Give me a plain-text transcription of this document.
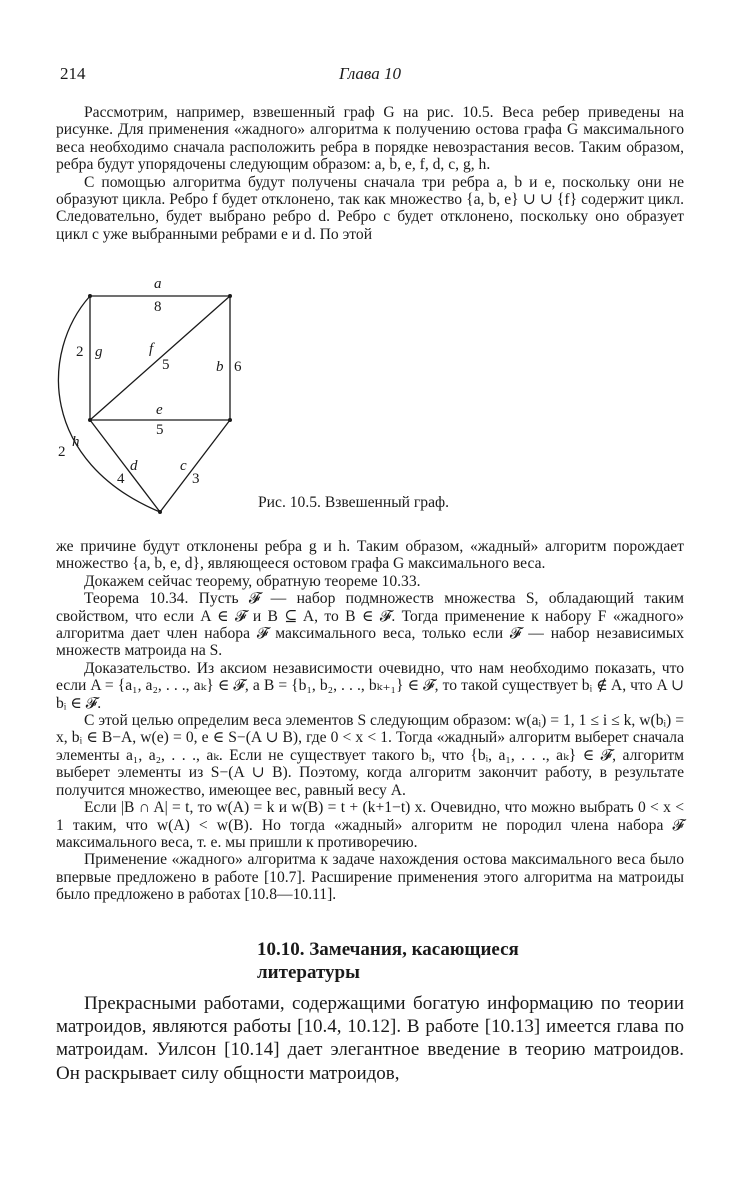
214	Глава 10

Рассмотрим, например, взвешенный граф G на рис. 10.5. Веса ребер приведены на рисунке. Для применения «жадного» алгоритма к получению остова графа G максимального веса необходимо сначала расположить ребра в порядке невозрастания весов. Таким образом, ребра будут упорядочены следующим образом: a, b, e, f, d, c, g, h.

С помощью алгоритма будут получены сначала три ребра a, b и e, поскольку они не образуют цикла. Ребро f будет отклонено, так как множество {a, b, e} ∪ ∪ {f} содержит цикл. Следовательно, будет выбрано ребро d. Ребро c будет отклонено, поскольку оно образует цикл с уже выбранными ребрами e и d. По этой

a
8
2 g	f
5	b 6
e
5
h
2
d
4
c
3
Рис. 10.5. Взвешенный граф.

же причине будут отклонены ребра g и h. Таким образом, «жадный» алгоритм порождает множество {a, b, e, d}, являющееся остовом графа G максимального веса.

Докажем сейчас теорему, обратную теореме 10.33.

Теорема 10.34. Пусть 𝓕 — набор подмножеств множества S, обладающий таким свойством, что если A ∈ 𝓕 и B ⊆ A, то B ∈ 𝓕. Тогда применение к набору F «жадного» алгоритма дает член набора 𝓕 максимального веса, только если 𝓕 — набор независимых множеств матроида на S.

Доказательство. Из аксиом независимости очевидно, что нам необходимо показать, что если A = {a₁, a₂, . . ., aₖ} ∈ 𝓕, а B = {b₁, b₂, . . ., bₖ₊₁} ∈ 𝓕, то такой существует bᵢ ∉ A, что A ∪ bᵢ ∈ 𝓕.

С этой целью определим веса элементов S следующим образом: w(aᵢ) = 1, 1 ≤ i ≤ k, w(bᵢ) = x, bᵢ ∈ B−A, w(e) = 0, e ∈ S−(A ∪ B), где 0 < x < 1. Тогда «жадный» алгоритм выберет сначала элементы a₁, a₂, . . ., aₖ. Если не существует такого bᵢ, что {bᵢ, a₁, . . ., aₖ} ∈ 𝓕, алгоритм выберет элементы из S−(A ∪ B). Поэтому, когда алгоритм закончит работу, в результате получится множество, имеющее вес, равный весу A.

Если |B ∩ A| = t, то w(A) = k и w(B) = t + (k+1−t) x. Очевидно, что можно выбрать 0 < x < 1 таким, что w(A) < w(B). Но тогда «жадный» алгоритм не породил члена набора 𝓕 максимального веса, т. е. мы пришли к противоречию.

Применение «жадного» алгоритма к задаче нахождения остова максимального веса было впервые предложено в работе [10.7]. Расширение применения этого алгоритма на матроиды было предложено в работах [10.8—10.11].

10.10. Замечания, касающиеся литературы

Прекрасными работами, содержащими богатую информацию по теории матроидов, являются работы [10.4, 10.12]. В работе [10.13] имеется глава по матроидам. Уилсон [10.14] дает элегантное введение в теорию матроидов. Он раскрывает силу общности матроидов,
